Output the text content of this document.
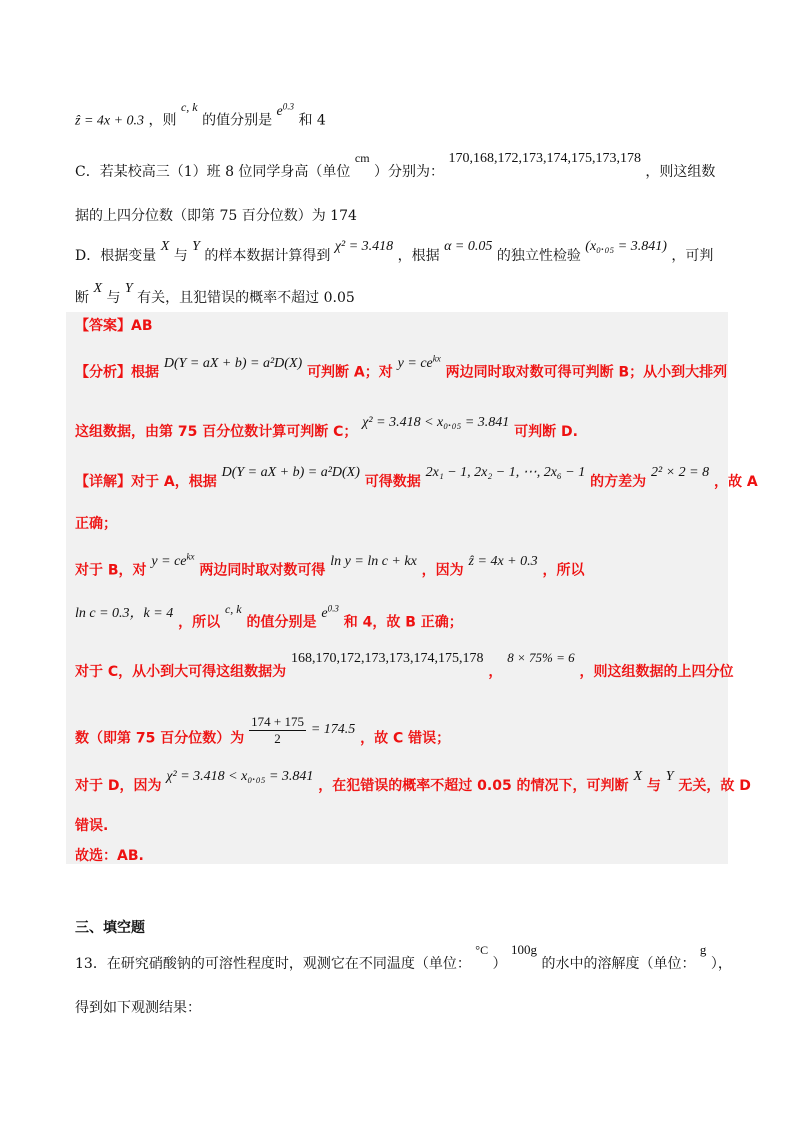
ẑ = 4x + 0.3 ，则 c, k 的值分别是 $e^{0.3}$ 和 4
C．若某校高三（1）班 8 位同学身高（单位 cm ）分别为： 170,168,172,173,174,175,173,178 ，则这组数
据的上四分位数（即第 75 百分位数）为 174
D．根据变量 X 与 Y 的样本数据计算得到 χ² = 3.418 ，根据 α = 0.05 的独立性检验 (x₀.₀₅ = 3.841) ，可判
断 X 与 Y 有关，且犯错误的概率不超过 0.05
【答案】AB
【分析】根据 D(Y = aX + b) = a²D(X) 可判断 A；对 $y = ce^{kx}$ 两边同时取对数可得可判断 B；从小到大排列
这组数据，由第 75 百分位数计算可判断 C； χ² = 3.418 < x₀.₀₅ = 3.841 可判断 D.
【详解】对于 A，根据 D(Y = aX + b) = a²D(X) 可得数据 2x₁ − 1, 2x₂ − 1, ⋯, 2x₆ − 1 的方差为 2² × 2 = 8 ，故 A
正确；
对于 B，对 $y = ce^{kx}$ 两边同时取对数可得 ln y = ln c + kx ，因为 ẑ = 4x + 0.3 ，所以
ln c = 0.3，k = 4 ，所以 c, k 的值分别是 $e^{0.3}$ 和 4，故 B 正确；
对于 C，从小到大可得这组数据为 168,170,172,173,173,174,175,178 ， 8 × 75% = 6 ，则这组数据的上四分位
数（即第 75 百分位数）为 $\frac{174 + 175}{2} = 174.5$ ，故 C 错误；
对于 D，因为 χ² = 3.418 < x₀.₀₅ = 3.841 ，在犯错误的概率不超过 0.05 的情况下，可判断 X 与 Y 无关，故 D
错误.
故选：AB.
三、填空题
13．在研究硝酸钠的可溶性程度时，观测它在不同温度（单位： °C ） 100g 的水中的溶解度（单位： g ），
得到如下观测结果：
